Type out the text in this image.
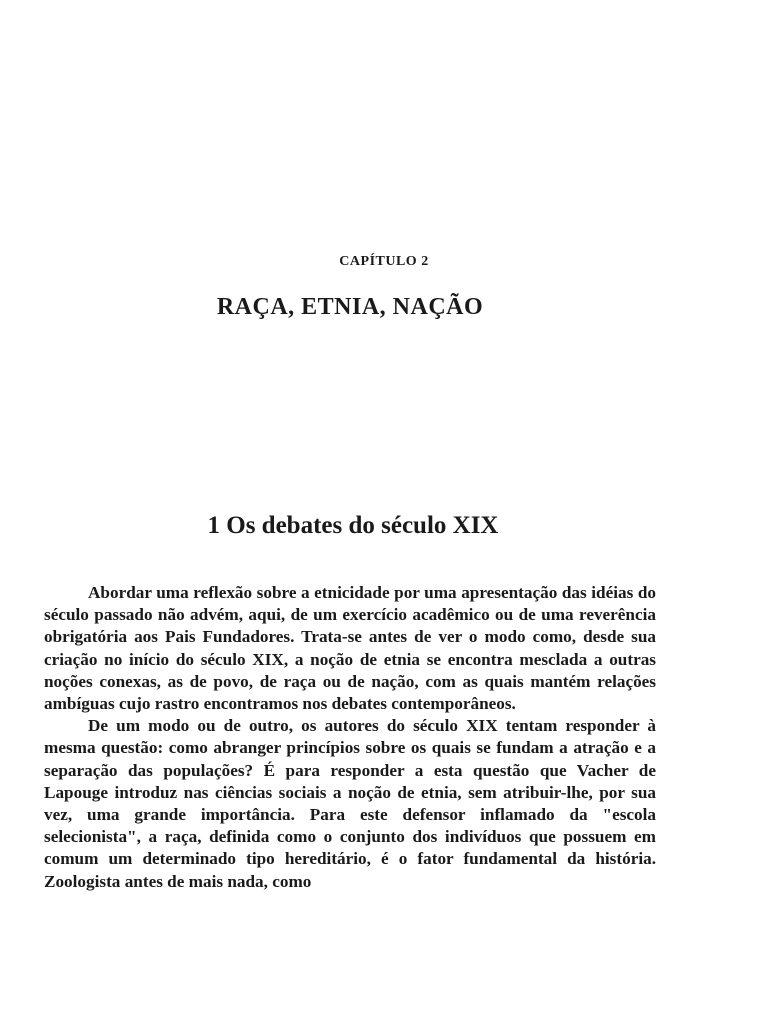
CAPÍTULO 2
RAÇA, ETNIA, NAÇÃO
1 Os debates do século XIX

Abordar uma reflexão sobre a etnicidade por uma apresentação das idéias do século passado não advém, aqui, de um exercício acadêmico ou de uma reverência obrigatória aos Pais Fundadores. Trata-se antes de ver o modo como, desde sua criação no início do século XIX, a noção de etnia se encontra mesclada a outras noções conexas, as de povo, de raça ou de nação, com as quais mantém relações ambíguas cujo rastro encontramos nos debates contemporâneos.

De um modo ou de outro, os autores do século XIX tentam responder à mesma questão: como abranger princípios sobre os quais se fundam a atração e a separação das populações? É para responder a esta questão que Vacher de Lapouge introduz nas ciências sociais a noção de etnia, sem atribuir-lhe, por sua vez, uma grande importância. Para este defensor inflamado da "escola selecionista", a raça, definida como o conjunto dos indivíduos que possuem em comum um determinado tipo hereditário, é o fator fundamental da história. Zoologista antes de mais nada, como
